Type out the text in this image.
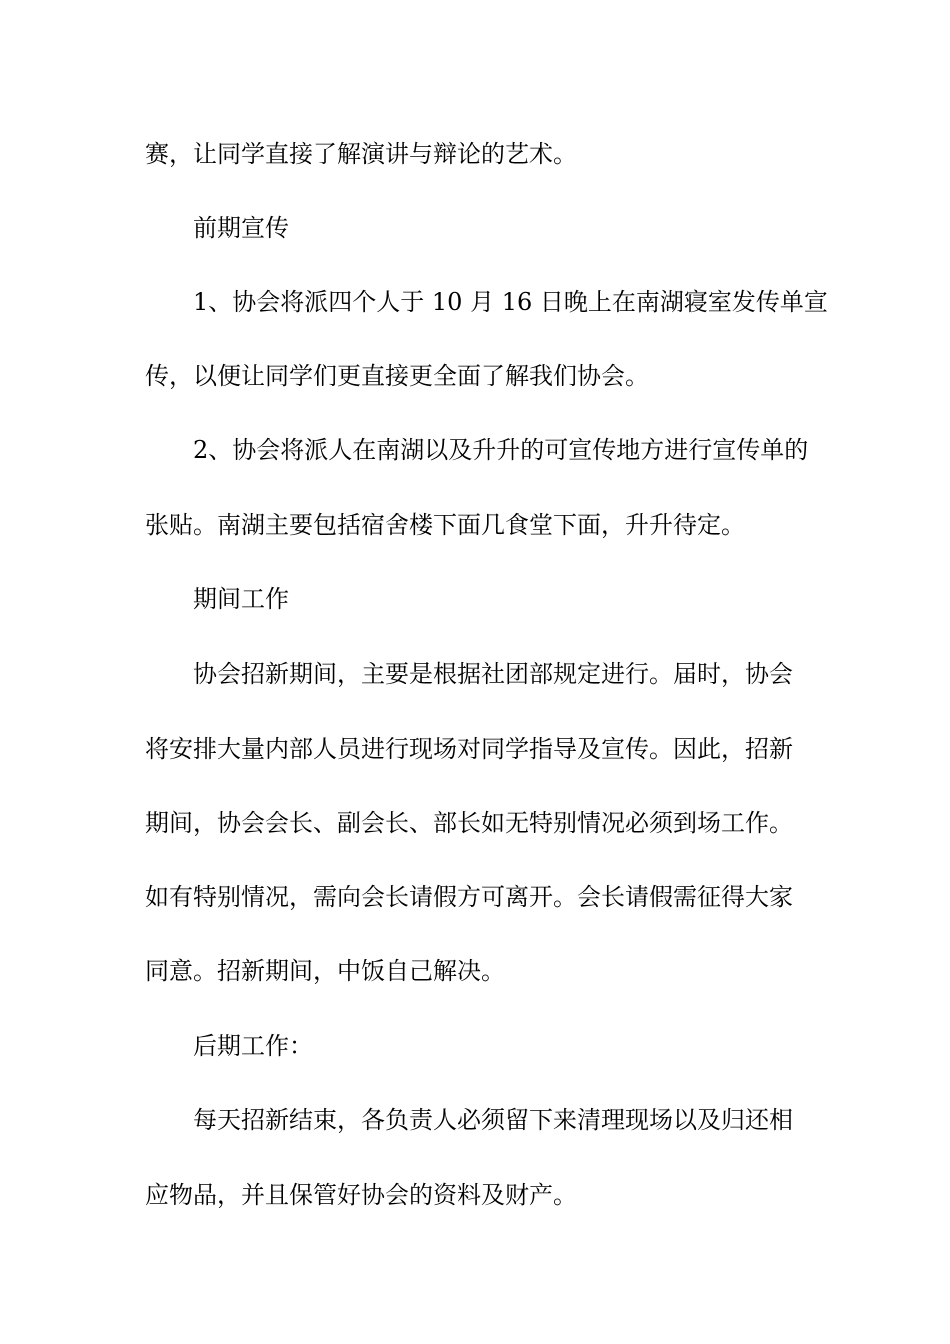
赛，让同学直接了解演讲与辩论的艺术。
前期宣传
1、协会将派四个人于 10 月 16 日晚上在南湖寝室发传单宣
传，以便让同学们更直接更全面了解我们协会。
2、协会将派人在南湖以及升升的可宣传地方进行宣传单的
张贴。南湖主要包括宿舍楼下面几食堂下面，升升待定。
期间工作
协会招新期间，主要是根据社团部规定进行。届时，协会
将安排大量内部人员进行现场对同学指导及宣传。因此，招新
期间，协会会长、副会长、部长如无特别情况必须到场工作。
如有特别情况，需向会长请假方可离开。会长请假需征得大家
同意。招新期间，中饭自己解决。
后期工作：
每天招新结束，各负责人必须留下来清理现场以及归还相
应物品，并且保管好协会的资料及财产。
